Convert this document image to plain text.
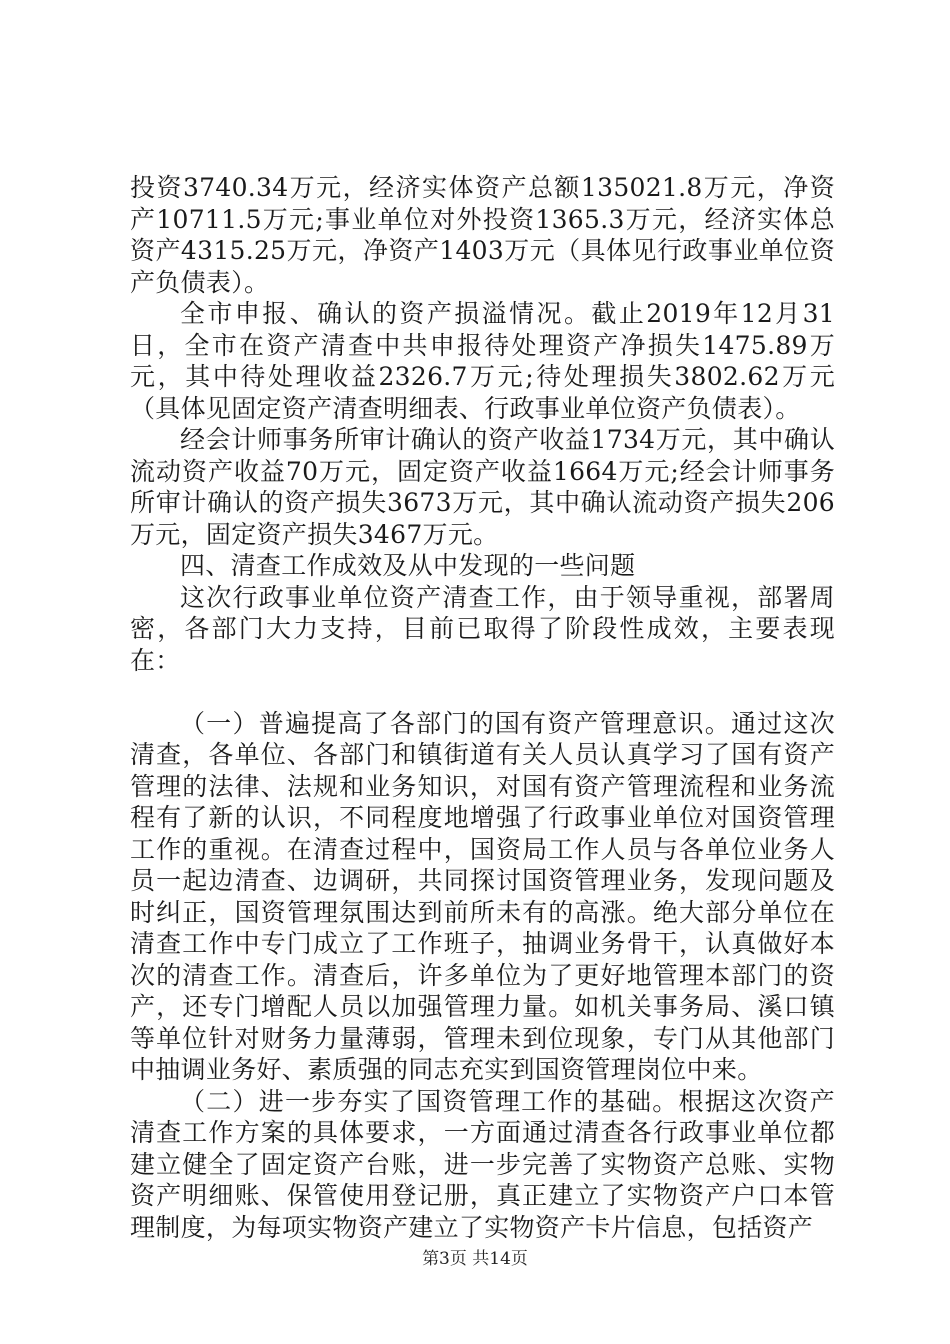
投资3740.34万元，经济实体资产总额135021.8万元，净资产10711.5万元;事业单位对外投资1365.3万元，经济实体总资产4315.25万元，净资产1403万元（具体见行政事业单位资产负债表）。

全市申报、确认的资产损溢情况。截止2019年12月31日，全市在资产清查中共申报待处理资产净损失1475.89万元，其中待处理收益2326.7万元;待处理损失3802.62万元（具体见固定资产清查明细表、行政事业单位资产负债表）。

经会计师事务所审计确认的资产收益1734万元，其中确认流动资产收益70万元，固定资产收益1664万元;经会计师事务所审计确认的资产损失3673万元，其中确认流动资产损失206万元，固定资产损失3467万元。

四、清查工作成效及从中发现的一些问题

这次行政事业单位资产清查工作，由于领导重视，部署周密，各部门大力支持，目前已取得了阶段性成效，主要表现在：

（一）普遍提高了各部门的国有资产管理意识。通过这次清查，各单位、各部门和镇街道有关人员认真学习了国有资产管理的法律、法规和业务知识，对国有资产管理流程和业务流程有了新的认识，不同程度地增强了行政事业单位对国资管理工作的重视。在清查过程中，国资局工作人员与各单位业务人员一起边清查、边调研，共同探讨国资管理业务，发现问题及时纠正，国资管理氛围达到前所未有的高涨。绝大部分单位在清查工作中专门成立了工作班子，抽调业务骨干，认真做好本次的清查工作。清查后，许多单位为了更好地管理本部门的资产，还专门增配人员以加强管理力量。如机关事务局、溪口镇等单位针对财务力量薄弱，管理未到位现象，专门从其他部门中抽调业务好、素质强的同志充实到国资管理岗位中来。

（二）进一步夯实了国资管理工作的基础。根据这次资产清查工作方案的具体要求，一方面通过清查各行政事业单位都建立健全了固定资产台账，进一步完善了实物资产总账、实物资产明细账、保管使用登记册，真正建立了实物资产户口本管理制度，为每项实物资产建立了实物资产卡片信息，包括资产

第3页 共14页
